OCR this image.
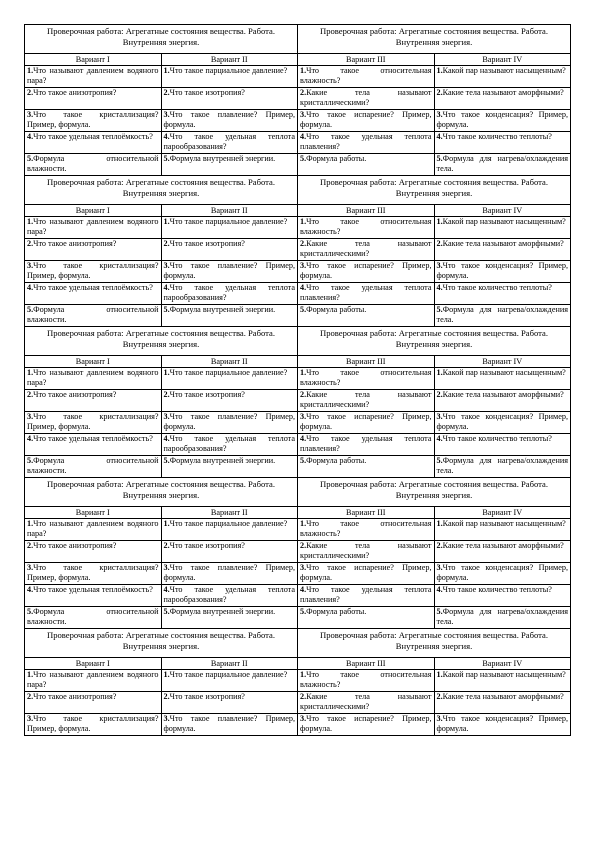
Проверочная работа: Агрегатные состояния вещества. Работа. Внутренняя энергия.		Проверочная работа: Агрегатные состояния вещества. Работа. Внутренняя энергия.	
Вариант I	Вариант II	Вариант III	Вариант IV
1.Что называют давлением водяного пара?	1.Что такое парциальное давление?	1.Что такое относительная влажность?	1.Какой пар называют насыщенным?
2.Что такое анизотропия?	2.Что такое изотропия?	2.Какие тела называют кристаллическими?	2.Какие тела называют аморфными?
3.Что такое кристаллизация? Пример, формула.	3.Что такое плавление? Пример, формула.	3.Что такое испарение? Пример, формула.	3.Что такое конденсация? Пример, формула.
4.Что такое удельная теплоёмкость?	4.Что такое удельная теплота парообразования?	4.Что такое удельная теплота плавления?	4.Что такое количество теплоты?
5.Формула относительной влажности.	5.Формула внутренней энергии.	5.Формула работы.	5.Формула для нагрева/охлаждения тела.
Проверочная работа: Агрегатные состояния вещества. Работа. Внутренняя энергия.		Проверочная работа: Агрегатные состояния вещества. Работа. Внутренняя энергия.	
Вариант I	Вариант II	Вариант III	Вариант IV
1.Что называют давлением водяного пара?	1.Что такое парциальное давление?	1.Что такое относительная влажность?	1.Какой пар называют насыщенным?
2.Что такое анизотропия?	2.Что такое изотропия?	2.Какие тела называют кристаллическими?	2.Какие тела называют аморфными?
3.Что такое кристаллизация? Пример, формула.	3.Что такое плавление? Пример, формула.	3.Что такое испарение? Пример, формула.	3.Что такое конденсация? Пример, формула.
4.Что такое удельная теплоёмкость?	4.Что такое удельная теплота парообразования?	4.Что такое удельная теплота плавления?	4.Что такое количество теплоты?
5.Формула относительной влажности.	5.Формула внутренней энергии.	5.Формула работы.	5.Формула для нагрева/охлаждения тела.
Проверочная работа: Агрегатные состояния вещества. Работа. Внутренняя энергия.		Проверочная работа: Агрегатные состояния вещества. Работа. Внутренняя энергия.	
Вариант I	Вариант II	Вариант III	Вариант IV
1.Что называют давлением водяного пара?	1.Что такое парциальное давление?	1.Что такое относительная влажность?	1.Какой пар называют насыщенным?
2.Что такое анизотропия?	2.Что такое изотропия?	2.Какие тела называют кристаллическими?	2.Какие тела называют аморфными?
3.Что такое кристаллизация? Пример, формула.	3.Что такое плавление? Пример, формула.	3.Что такое испарение? Пример, формула.	3.Что такое конденсация? Пример, формула.
4.Что такое удельная теплоёмкость?	4.Что такое удельная теплота парообразования?	4.Что такое удельная теплота плавления?	4.Что такое количество теплоты?
5.Формула относительной влажности.	5.Формула внутренней энергии.	5.Формула работы.	5.Формула для нагрева/охлаждения тела.
Проверочная работа: Агрегатные состояния вещества. Работа. Внутренняя энергия.		Проверочная работа: Агрегатные состояния вещества. Работа. Внутренняя энергия.	
Вариант I	Вариант II	Вариант III	Вариант IV
1.Что называют давлением водяного пара?	1.Что такое парциальное давление?	1.Что такое относительная влажность?	1.Какой пар называют насыщенным?
2.Что такое анизотропия?	2.Что такое изотропия?	2.Какие тела называют кристаллическими?	2.Какие тела называют аморфными?
3.Что такое кристаллизация? Пример, формула.	3.Что такое плавление? Пример, формула.	3.Что такое испарение? Пример, формула.	3.Что такое конденсация? Пример, формула.
4.Что такое удельная теплоёмкость?	4.Что такое удельная теплота парообразования?	4.Что такое удельная теплота плавления?	4.Что такое количество теплоты?
5.Формула относительной влажности.	5.Формула внутренней энергии.	5.Формула работы.	5.Формула для нагрева/охлаждения тела.
Проверочная работа: Агрегатные состояния вещества. Работа. Внутренняя энергия.		Проверочная работа: Агрегатные состояния вещества. Работа. Внутренняя энергия.	
Вариант I	Вариант II	Вариант III	Вариант IV
1.Что называют давлением водяного пара?	1.Что такое парциальное давление?	1.Что такое относительная влажность?	1.Какой пар называют насыщенным?
2.Что такое анизотропия?	2.Что такое изотропия?	2.Какие тела называют кристаллическими?	2.Какие тела называют аморфными?
3.Что такое кристаллизация? Пример, формула.	3.Что такое плавление? Пример, формула.	3.Что такое испарение? Пример, формула.	3.Что такое конденсация? Пример, формула.
